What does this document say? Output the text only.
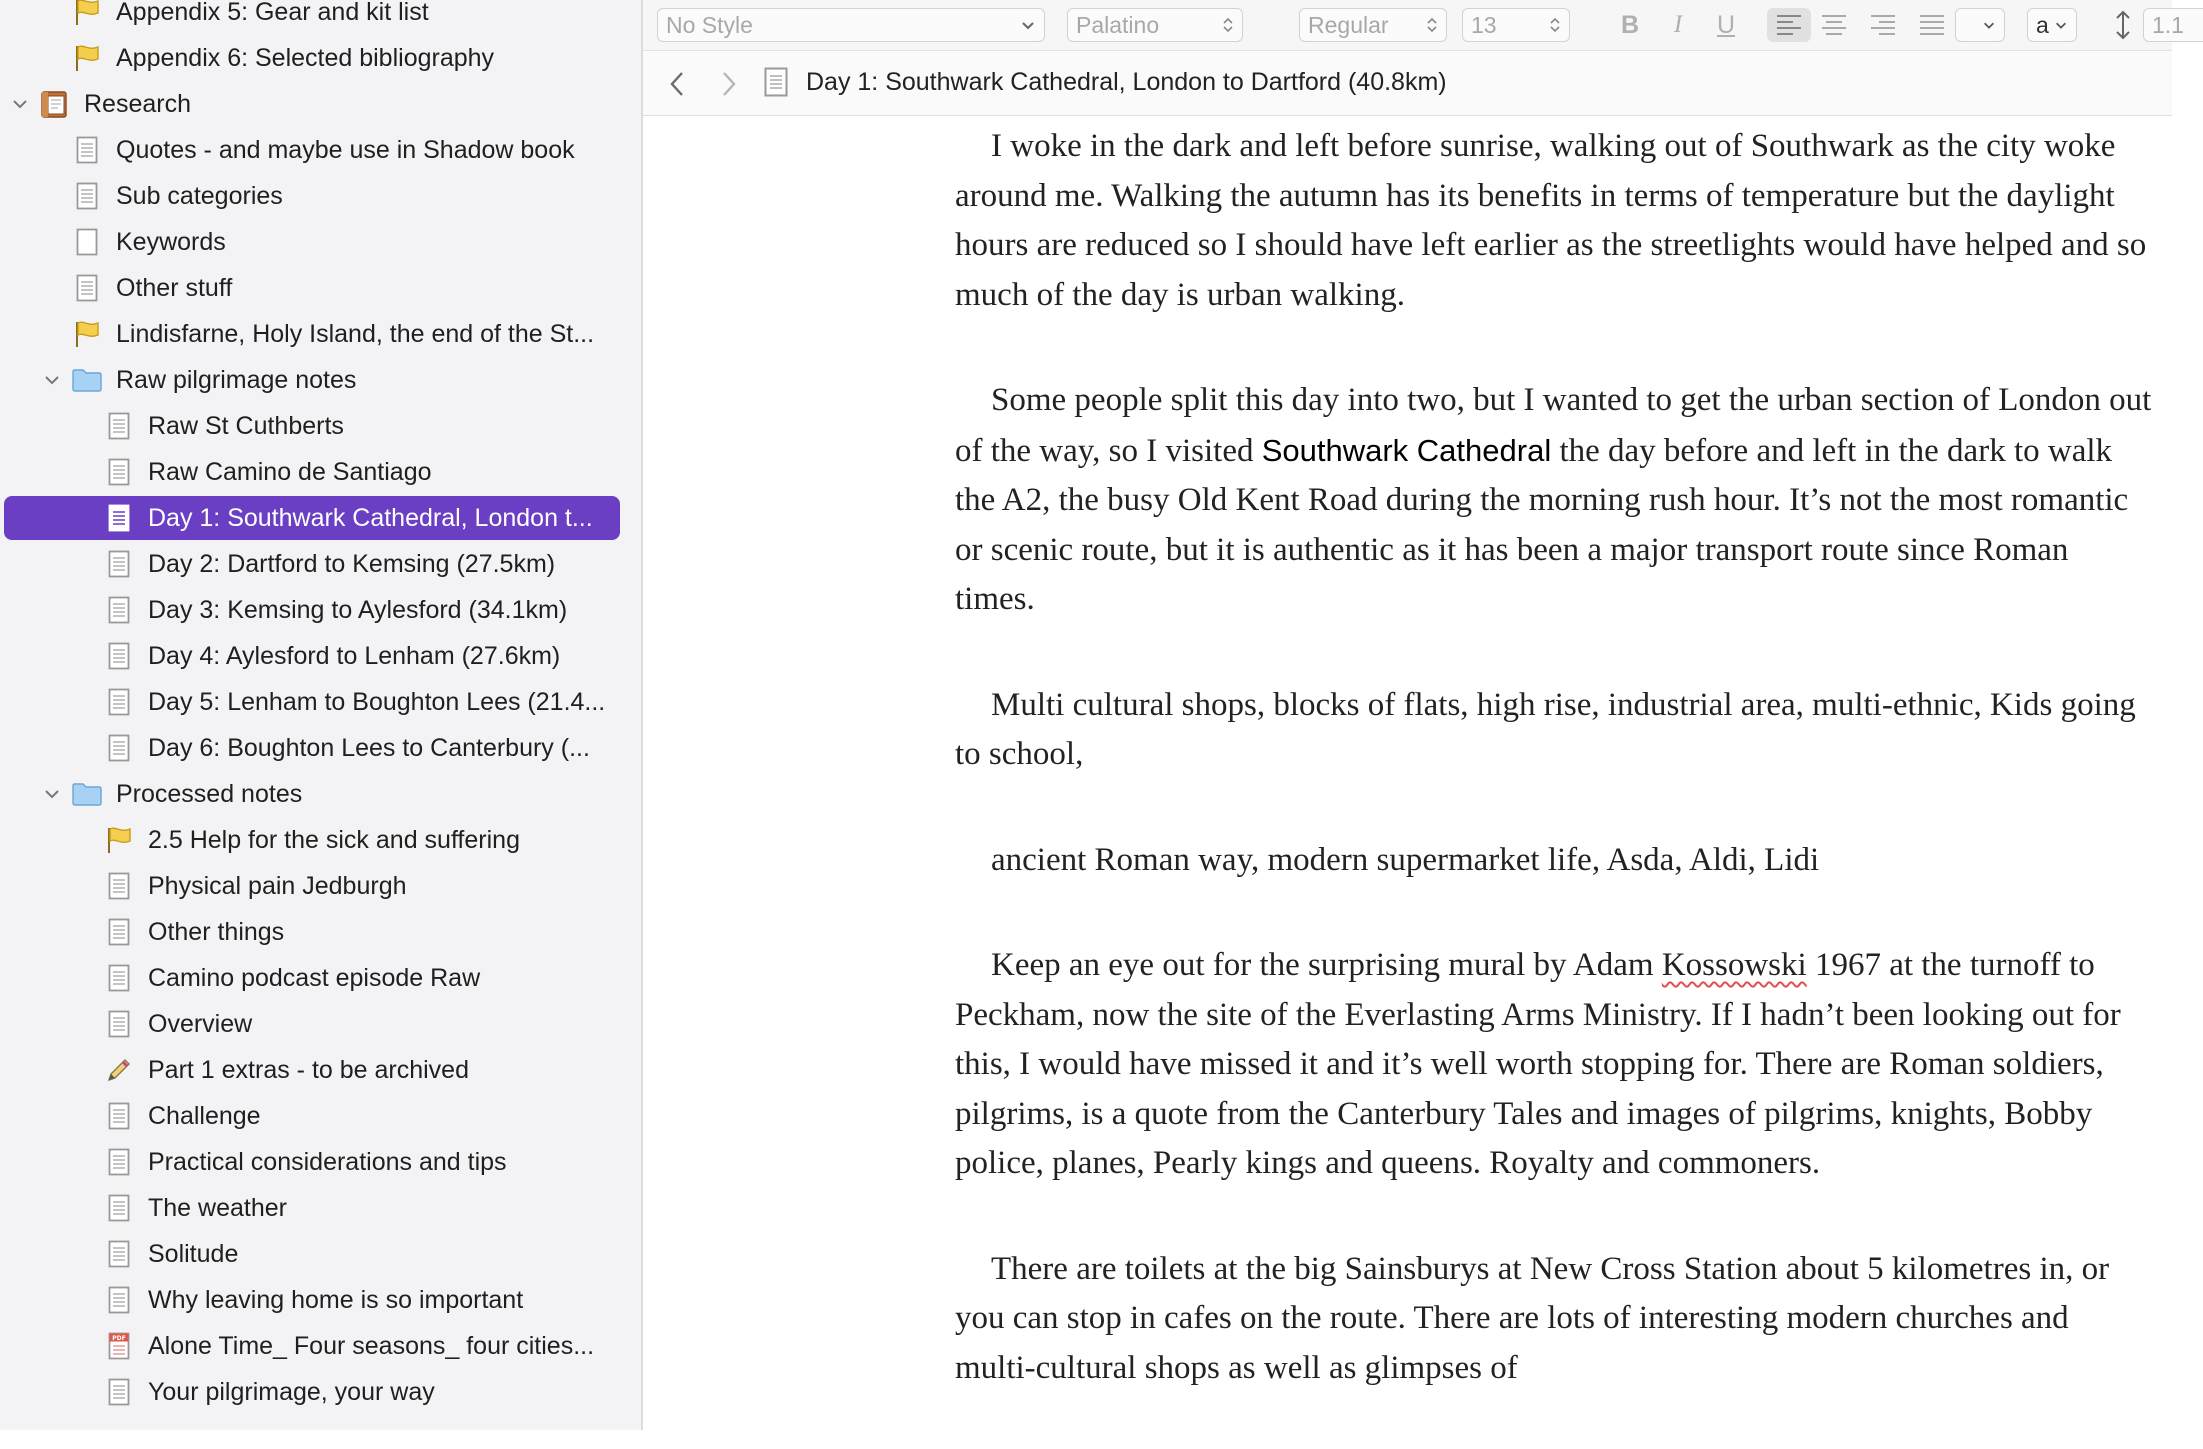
Appendix 5: Gear and kit list
Appendix 6: Selected bibliography
Research
Quotes - and maybe use in Shadow book
Sub categories
Keywords
Other stuff
Lindisfarne, Holy Island, the end of the St...
Raw pilgrimage notes
Raw St Cuthberts
Raw Camino de Santiago
Day 1: Southwark Cathedral, London t...
Day 2: Dartford to Kemsing (27.5km)
Day 3: Kemsing to Aylesford (34.1km)
Day 4: Aylesford to Lenham (27.6km)
Day 5: Lenham to Boughton Lees (21.4...
Day 6: Boughton Lees to Canterbury (...
Processed notes
2.5 Help for the sick and suffering
Physical pain Jedburgh
Other things
Camino podcast episode Raw
Overview
Part 1 extras - to be archived
Challenge
Practical considerations and tips
The weather
Solitude
Why leaving home is so important
PDF Alone Time_ Four seasons_ four cities...
Your pilgrimage, your way
No Style	Palatino	Regular	13	B	I	U	a	1.1
Day 1: Southwark Cathedral, London to Dartford (40.8km)

I woke in the dark and left before sunrise, walking out of Southwark as the city woke around me. Walking the autumn has its benefits in terms of temperature but the daylight hours are reduced so I should have left earlier as the streetlights would have helped and so much of the day is urban walking.

Some people split this day into two, but I wanted to get the urban section of London out of the way, so I visited Southwark Cathedral the day before and left in the dark to walk the A2, the busy Old Kent Road during the morning rush hour. It’s not the most romantic or scenic route, but it is authentic as it has been a major transport route since Roman times.

Multi cultural shops, blocks of flats, high rise, industrial area, multi-ethnic, Kids going to school,

ancient Roman way, modern supermarket life, Asda, Aldi, Lidi

Keep an eye out for the surprising mural by Adam Kossowski 1967 at the turnoff to Peckham, now the site of the Everlasting Arms Ministry. If I hadn’t been looking out for this, I would have missed it and it’s well worth stopping for. There are Roman soldiers, pilgrims, is a quote from the Canterbury Tales and images of pilgrims, knights, Bobby police, planes, Pearly kings and queens. Royalty and commoners.

There are toilets at the big Sainsburys at New Cross Station about 5 kilometres in, or you can stop in cafes on the route. There are lots of interesting modern churches and multi-cultural shops as well as glimpses of
